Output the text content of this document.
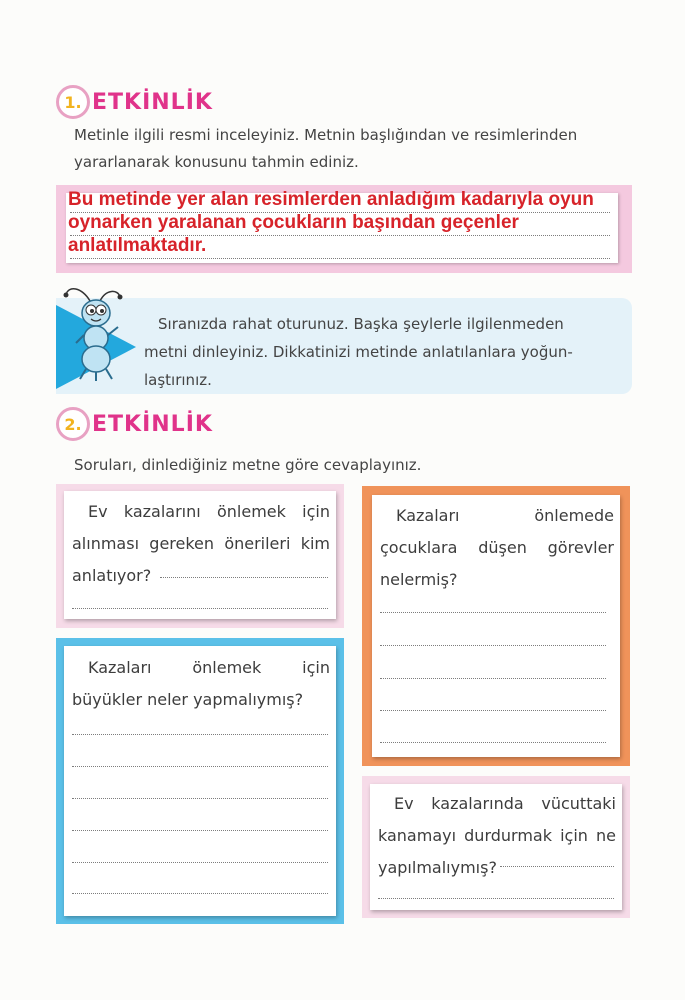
1. ETKİNLİK
Metinle ilgili resmi inceleyiniz. Metnin başlığından ve resimlerinden
yararlanarak konusunu tahmin ediniz.

Bu metinde yer alan resimlerden anladığım kadarıyla oyun oynarken yaralanan çocukların başından geçenler anlatılmaktadır.

Sıranızda rahat oturunuz. Başka şeylerle ilgilenmeden
metni dinleyiniz. Dikkatinizi metinde anlatılanlara yoğun-
laştırınız.
2. ETKİNLİK
Soruları, dinlediğiniz metne göre cevaplayınız.

Ev kazalarını önlemek için alınması gereken önerileri kim anlatıyor?

Kazaları önlemede çocuklara düşen görevler nelermiş?

Kazaları önlemek için büyükler neler yapmalıymış?

Ev kazalarında vücuttaki kanamayı durdurmak için ne yapılmalıymış?
